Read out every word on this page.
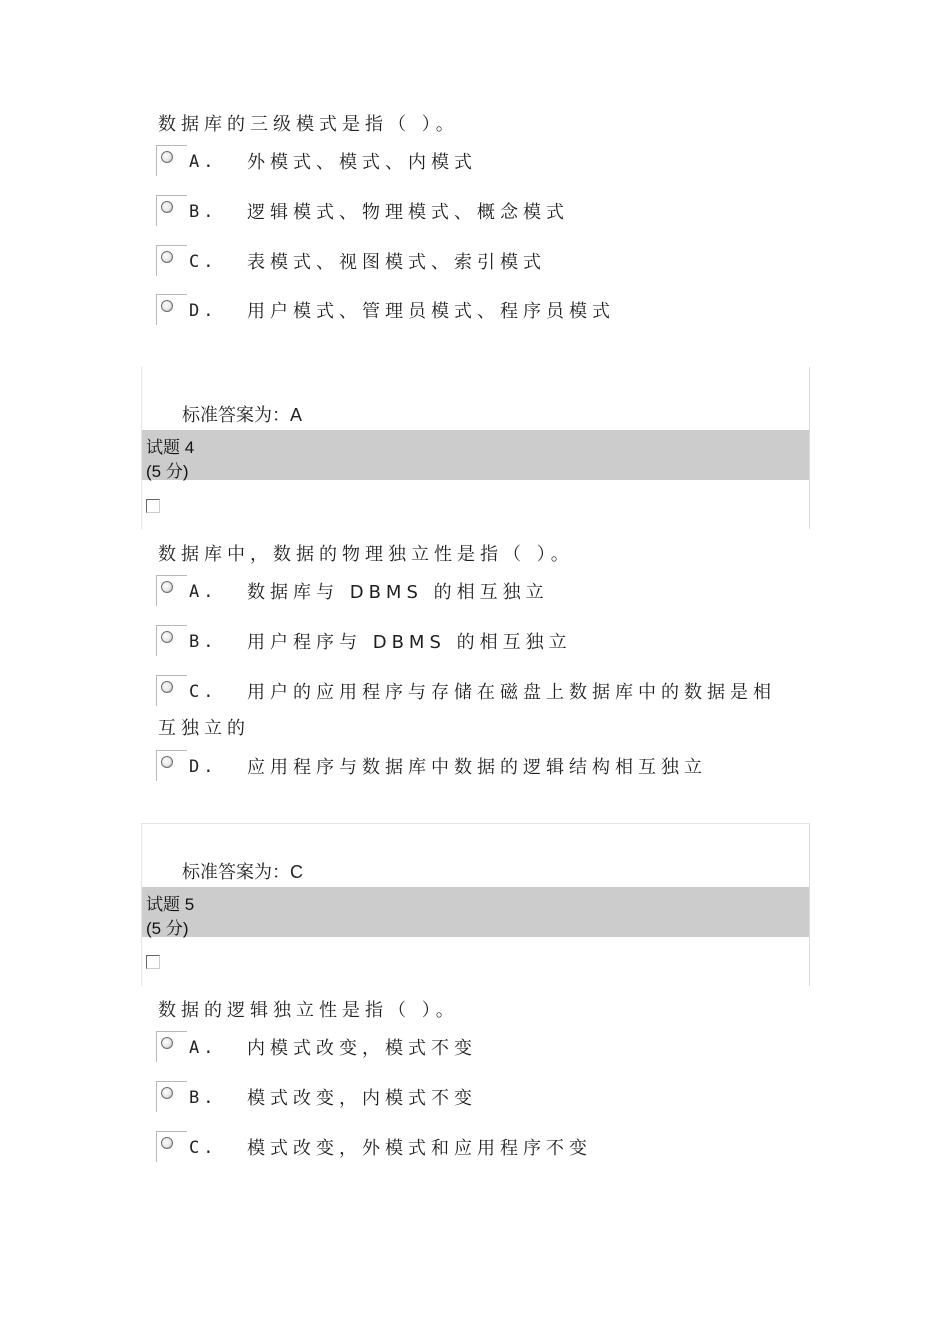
数据库的三级模式是指（ ）。
A. 外模式、模式、内模式
B. 逻辑模式、物理模式、概念模式
C. 表模式、视图模式、索引模式
D. 用户模式、管理员模式、程序员模式
标准答案为：A
试题 4
(5 分)
数据库中，数据的物理独立性是指（ ）。
A. 数据库与 DBMS 的相互独立
B. 用户程序与 DBMS 的相互独立
C. 用户的应用程序与存储在磁盘上数据库中的数据是相
互独立的
D. 应用程序与数据库中数据的逻辑结构相互独立
标准答案为：C
试题 5
(5 分)
数据的逻辑独立性是指（ ）。
A. 内模式改变，模式不变
B. 模式改变，内模式不变
C. 模式改变，外模式和应用程序不变
